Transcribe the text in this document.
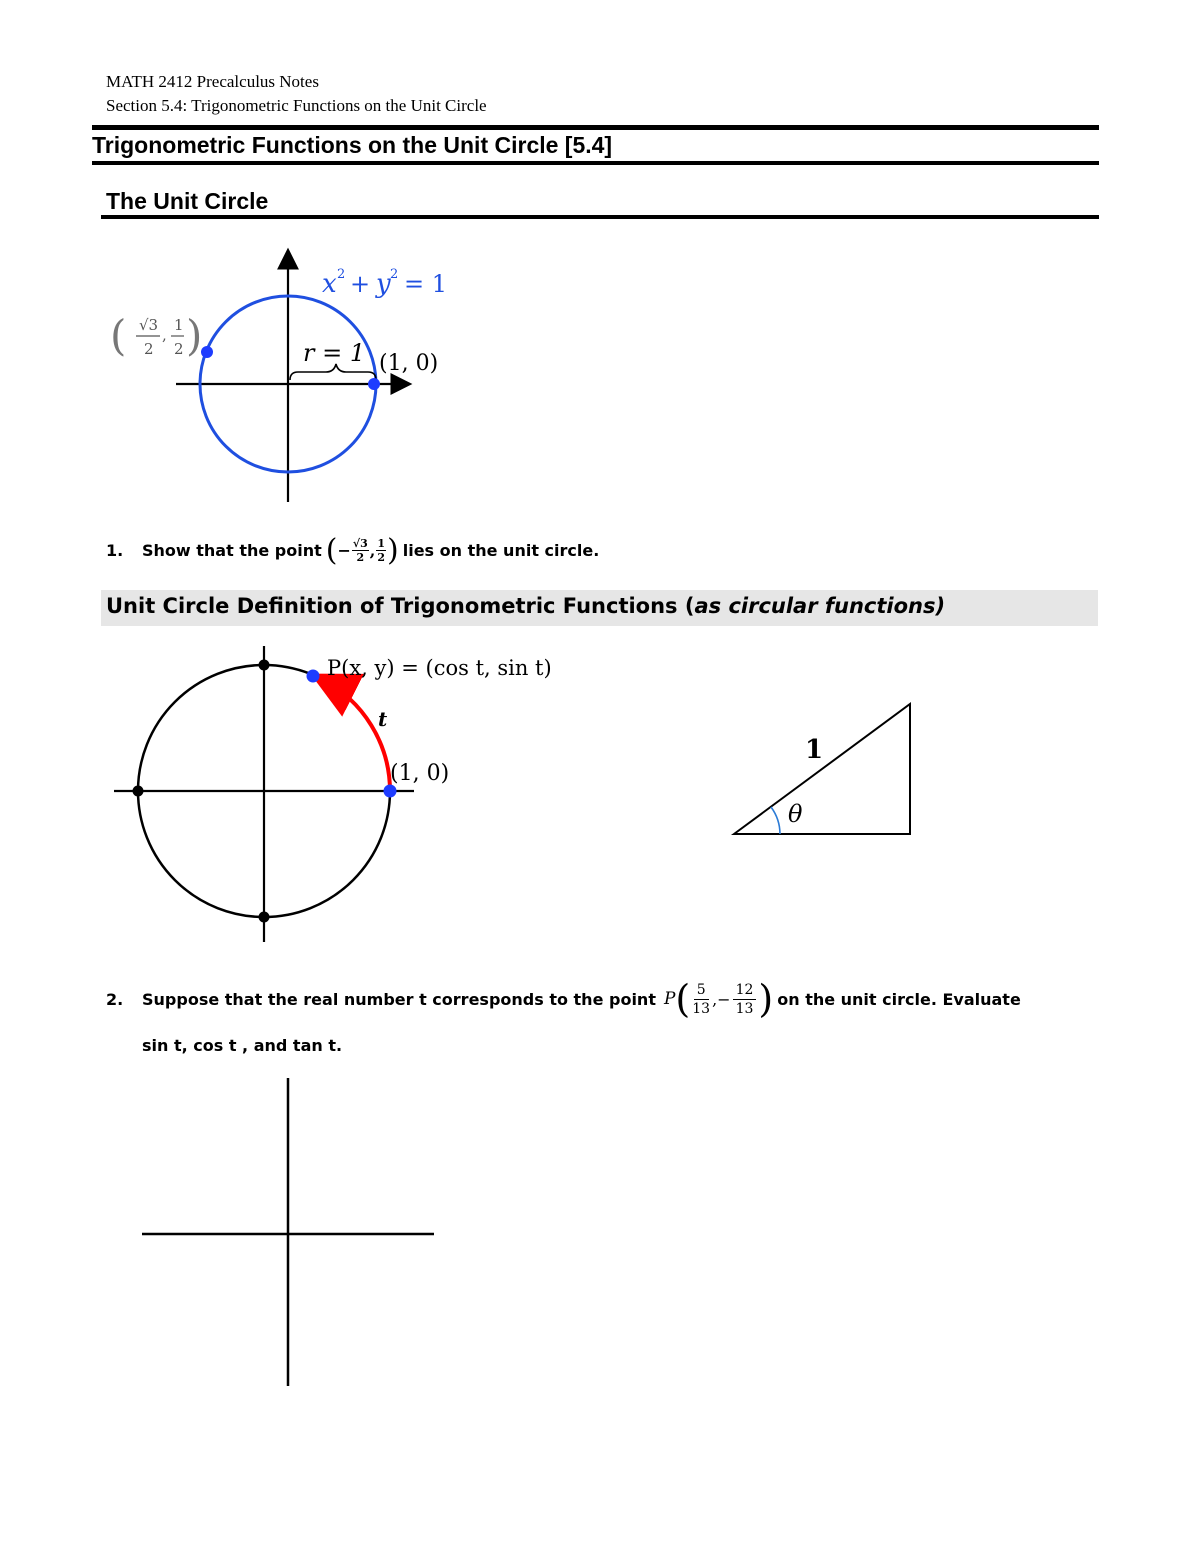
MATH 2412 Precalculus Notes
Section 5.4: Trigonometric Functions on the Unit Circle
Trigonometric Functions on the Unit Circle [5.4]
The Unit Circle
x 2 + y 2 = 1
r = 1 (1, 0)
( √3
2
,
1
2 )
1.	Show that the point ( − $\frac{√3}{2}$ , $\frac{1}{2}$ ) lies on the unit circle.
Unit Circle Definition of Trigonometric Functions (as circular functions)
P(x, y) = (cos t, sin t)
t
(1, 0)
1
θ
2.	Suppose that the real number t corresponds to the point P ( $\frac{5}{13}$ ,− $\frac{12}{13}$ ) on the unit circle. Evaluate
sin t, cos t , and tan t.
